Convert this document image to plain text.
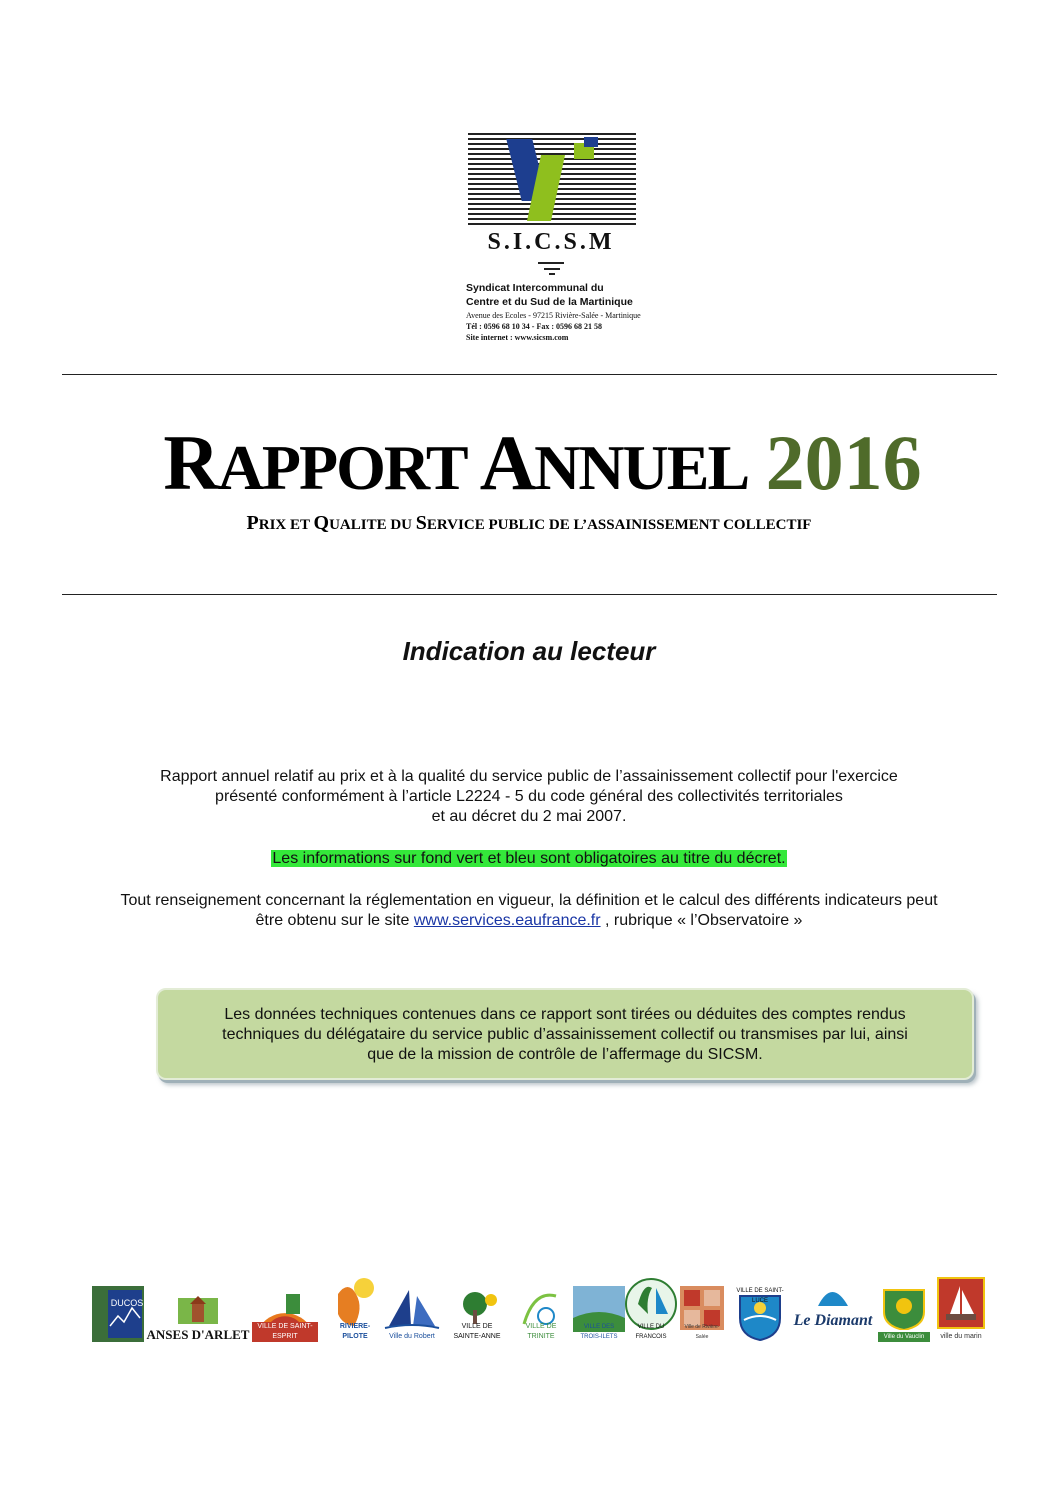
S.I.C.S.M
Syndicat Intercommunal du
Centre et du Sud de la Martinique
Avenue des Ecoles - 97215 Rivière-Salée - Martinique
Tél : 0596 68 10 34 - Fax : 0596 68 21 58
Site internet : www.sicsm.com
RAPPORT ANNUEL 2016
PRIX ET QUALITE DU SERVICE PUBLIC DE L’ASSAINISSEMENT COLLECTIF
Indication au lecteur

Rapport annuel relatif au prix et à la qualité du service public de l’assainissement collectif pour l'exercice

présenté conformément à l’article L2224 - 5 du code général des collectivités territoriales

et au décret du 2 mai 2007.

Les informations sur fond vert et bleu sont obligatoires au titre du décret.

Tout renseignement concernant la réglementation en vigueur, la définition et le calcul des différents indicateurs peut

être obtenu sur le site www.services.eaufrance.fr , rubrique « l’Observatoire »

Les données techniques contenues dans ce rapport sont tirées ou déduites des comptes rendus

techniques du délégataire du service public d’assainissement collectif ou transmises par lui, ainsi

que de la mission de contrôle de l’affermage du SICSM.

DUCOS
ANSES D'ARLET
VILLE DE SAINT-ESPRIT
RIVIERE-PILOTE	Ville du Robert
VILLE DE SAINTE-ANNE
VILLE DE TRINITE
VILLE DES TROIS-ILETS
VILLE DU FRANCOIS
Ville de Rivière-Salée
VILLE DE SAINT-LUCE
Le Diamant
Ville du Vauclin	ville du marin
